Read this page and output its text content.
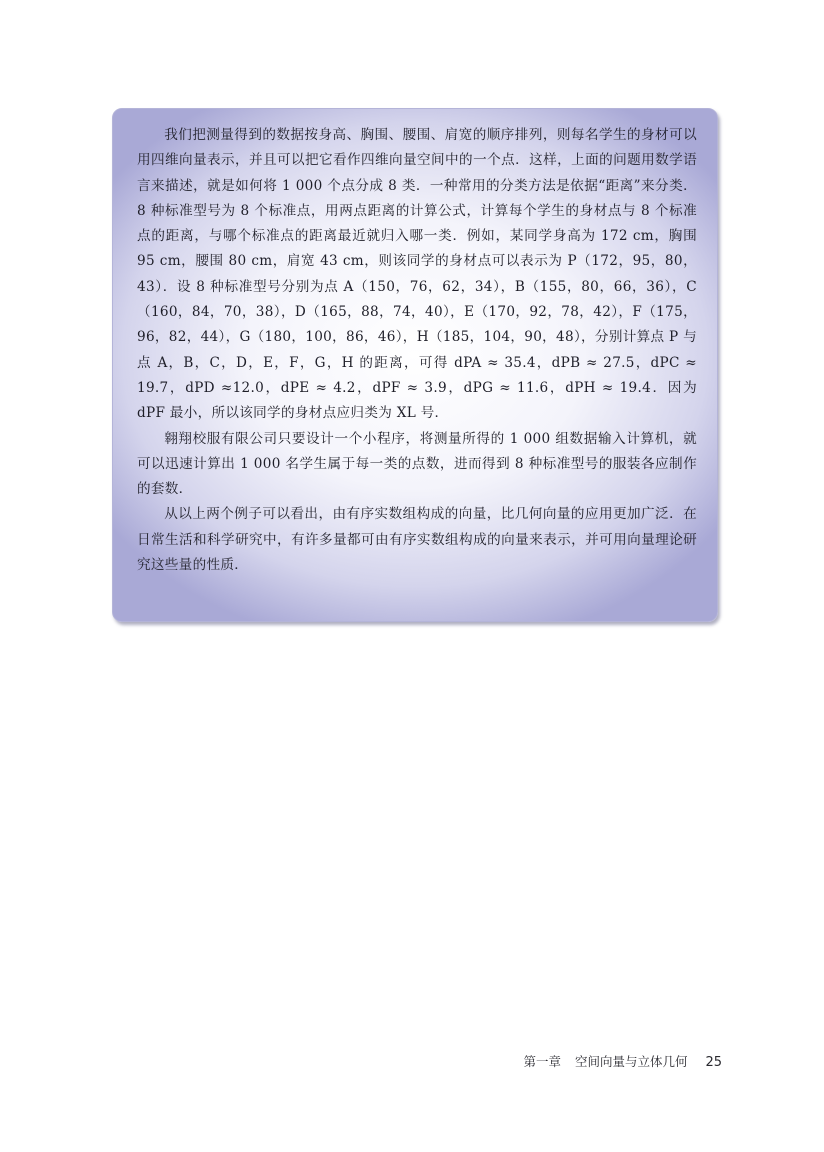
我们把测量得到的数据按身高、胸围、腰围、肩宽的顺序排列，则每名学生的身材可以用四维向量表示，并且可以把它看作四维向量空间中的一个点．这样，上面的问题用数学语言来描述，就是如何将 1 000 个点分成 8 类．一种常用的分类方法是依据“距离”来分类．8 种标准型号为 8 个标准点，用两点距离的计算公式，计算每个学生的身材点与 8 个标准点的距离，与哪个标准点的距离最近就归入哪一类．例如，某同学身高为 172 cm，胸围 95 cm，腰围 80 cm，肩宽 43 cm，则该同学的身材点可以表示为 P（172，95，80，43）．设 8 种标准型号分别为点 A（150，76，62，34），B（155，80，66，36），C（160，84，70，38），D（165，88，74，40），E（170，92，78，42），F（175，96，82，44），G（180，100，86，46），H（185，104，90，48），分别计算点 P 与点 A，B，C，D，E，F，G，H 的距离，可得 dPA ≈ 35.4，dPB ≈ 27.5，dPC ≈ 19.7，dPD ≈12.0，dPE ≈ 4.2，dPF ≈ 3.9，dPG ≈ 11.6，dPH ≈ 19.4．因为 dPF 最小，所以该同学的身材点应归类为 XL 号．

翱翔校服有限公司只要设计一个小程序，将测量所得的 1 000 组数据输入计算机，就可以迅速计算出 1 000 名学生属于每一类的点数，进而得到 8 种标准型号的服装各应制作的套数．

从以上两个例子可以看出，由有序实数组构成的向量，比几何向量的应用更加广泛．在日常生活和科学研究中，有许多量都可由有序实数组构成的向量来表示，并可用向量理论研究这些量的性质．

第一章 空间向量与立体几何 25
